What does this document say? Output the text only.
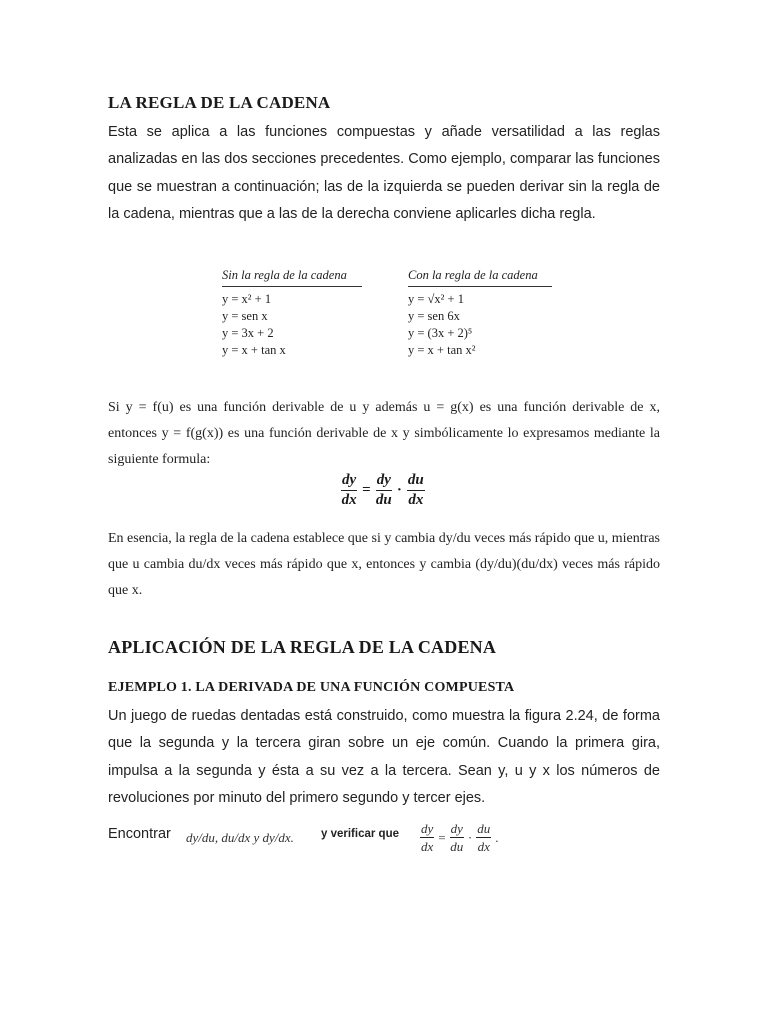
LA REGLA DE LA CADENA
Esta se aplica a las funciones compuestas y añade versatilidad a las reglas analizadas en las dos secciones precedentes. Como ejemplo, comparar las funciones que se muestran a continuación; las de la izquierda se pueden derivar sin la regla de la cadena, mientras que a las de la derecha conviene aplicarles dicha regla.
Sin la regla de la cadena
y = x² + 1
y = sen x
y = 3x + 2
y = x + tan x
Con la regla de la cadena
y = √x² + 1
y = sen 6x
y = (3x + 2)⁵
y = x + tan x²
Si y = f(u) es una función derivable de u y además u = g(x) es una función derivable de x, entonces y = f(g(x)) es una función derivable de x y simbólicamente lo expresamos mediante la siguiente formula:
$\frac{dy}{dx} = \frac{dy}{du} \cdot \frac{du}{dx}$
En esencia, la regla de la cadena establece que si y cambia dy/du veces más rápido que u, mientras que u cambia du/dx veces más rápido que x, entonces y cambia (dy/du)(du/dx) veces más rápido que x.
APLICACIÓN DE LA REGLA DE LA CADENA
EJEMPLO 1. LA DERIVADA DE UNA FUNCIÓN COMPUESTA
Un juego de ruedas dentadas está construido, como muestra la figura 2.24, de forma que la segunda y la tercera giran sobre un eje común. Cuando la primera gira, impulsa a la segunda y ésta a su vez a la tercera. Sean y, u y x los números de revoluciones por minuto del primero segundo y tercer ejes.
Encontrar dy/du, du/dx y dy/dx. y verificar que $\frac{dy}{dx} = \frac{dy}{du} \cdot \frac{du}{dx}$ .
